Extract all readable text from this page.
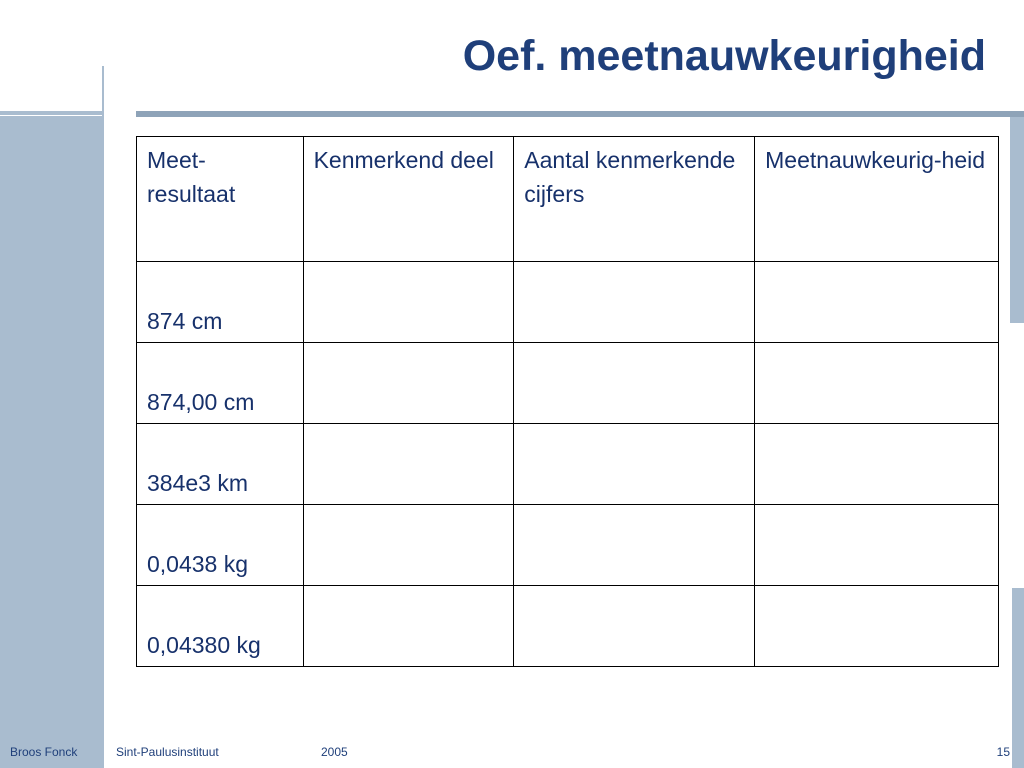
Oef. meetnauwkeurigheid
Meet-resultaat	Kenmerkend deel	Aantal kenmerkende cijfers	Meetnauwkeurig-heid
874 cm			
874,00 cm			
384e3 km			
0,0438 kg			
0,04380 kg			
Broos Fonck	Sint-Paulusinstituut	2005	15
